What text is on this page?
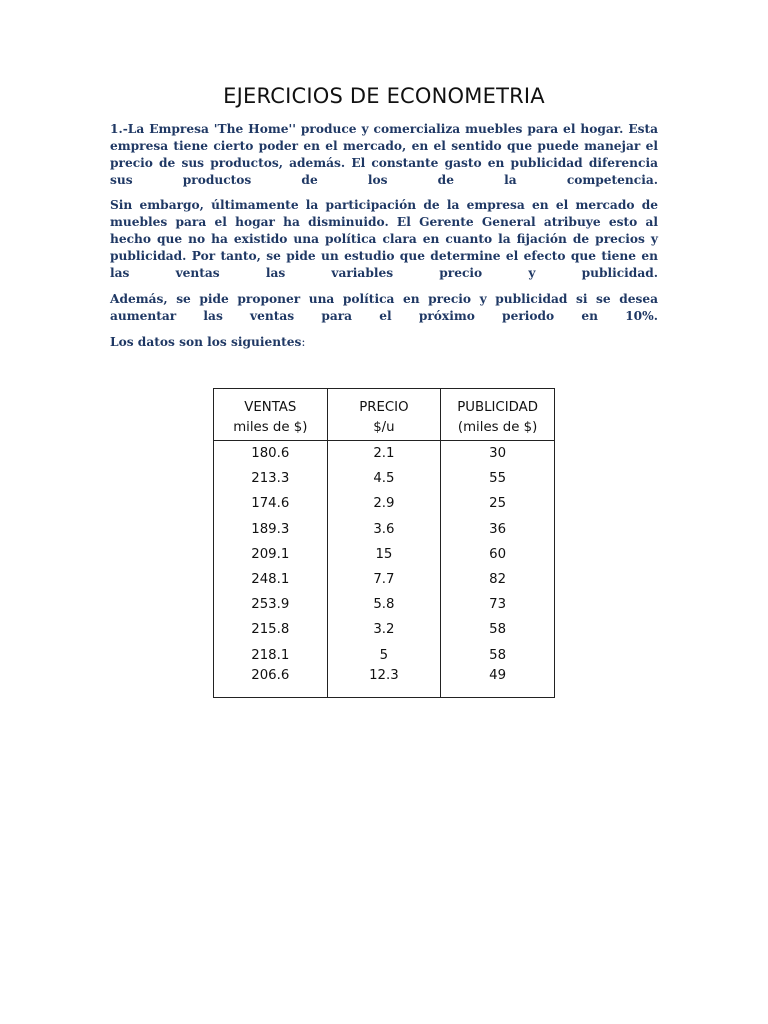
EJERCICIOS DE ECONOMETRIA

1.-La Empresa 'The Home'' produce y comercializa muebles para el hogar. Esta empresa tiene cierto poder en el mercado, en el sentido que puede manejar el precio de sus productos, además. El constante gasto en publicidad diferencia sus productos de los de la competencia.

Sin embargo, últimamente la participación de la empresa en el mercado de muebles para el hogar ha disminuido. El Gerente General atribuye esto al hecho que no ha existido una política clara en cuanto la fijación de precios y publicidad. Por tanto, se pide un estudio que determine el efecto que tiene en las ventas las variables precio y publicidad.

Además, se pide proponer una política en precio y publicidad si se desea aumentar las ventas para el próximo periodo en 10%.

Los datos son los siguientes:

VENTAS	PRECIO	PUBLICIDAD
miles de $)	$/u	(miles de $)
180.6	2.1	30
213.3	4.5	55
174.6	2.9	25
189.3	3.6	36
209.1	15	60
248.1	7.7	82
253.9	5.8	73
215.8	3.2	58
218.1	5	58
206.6	12.3	49
